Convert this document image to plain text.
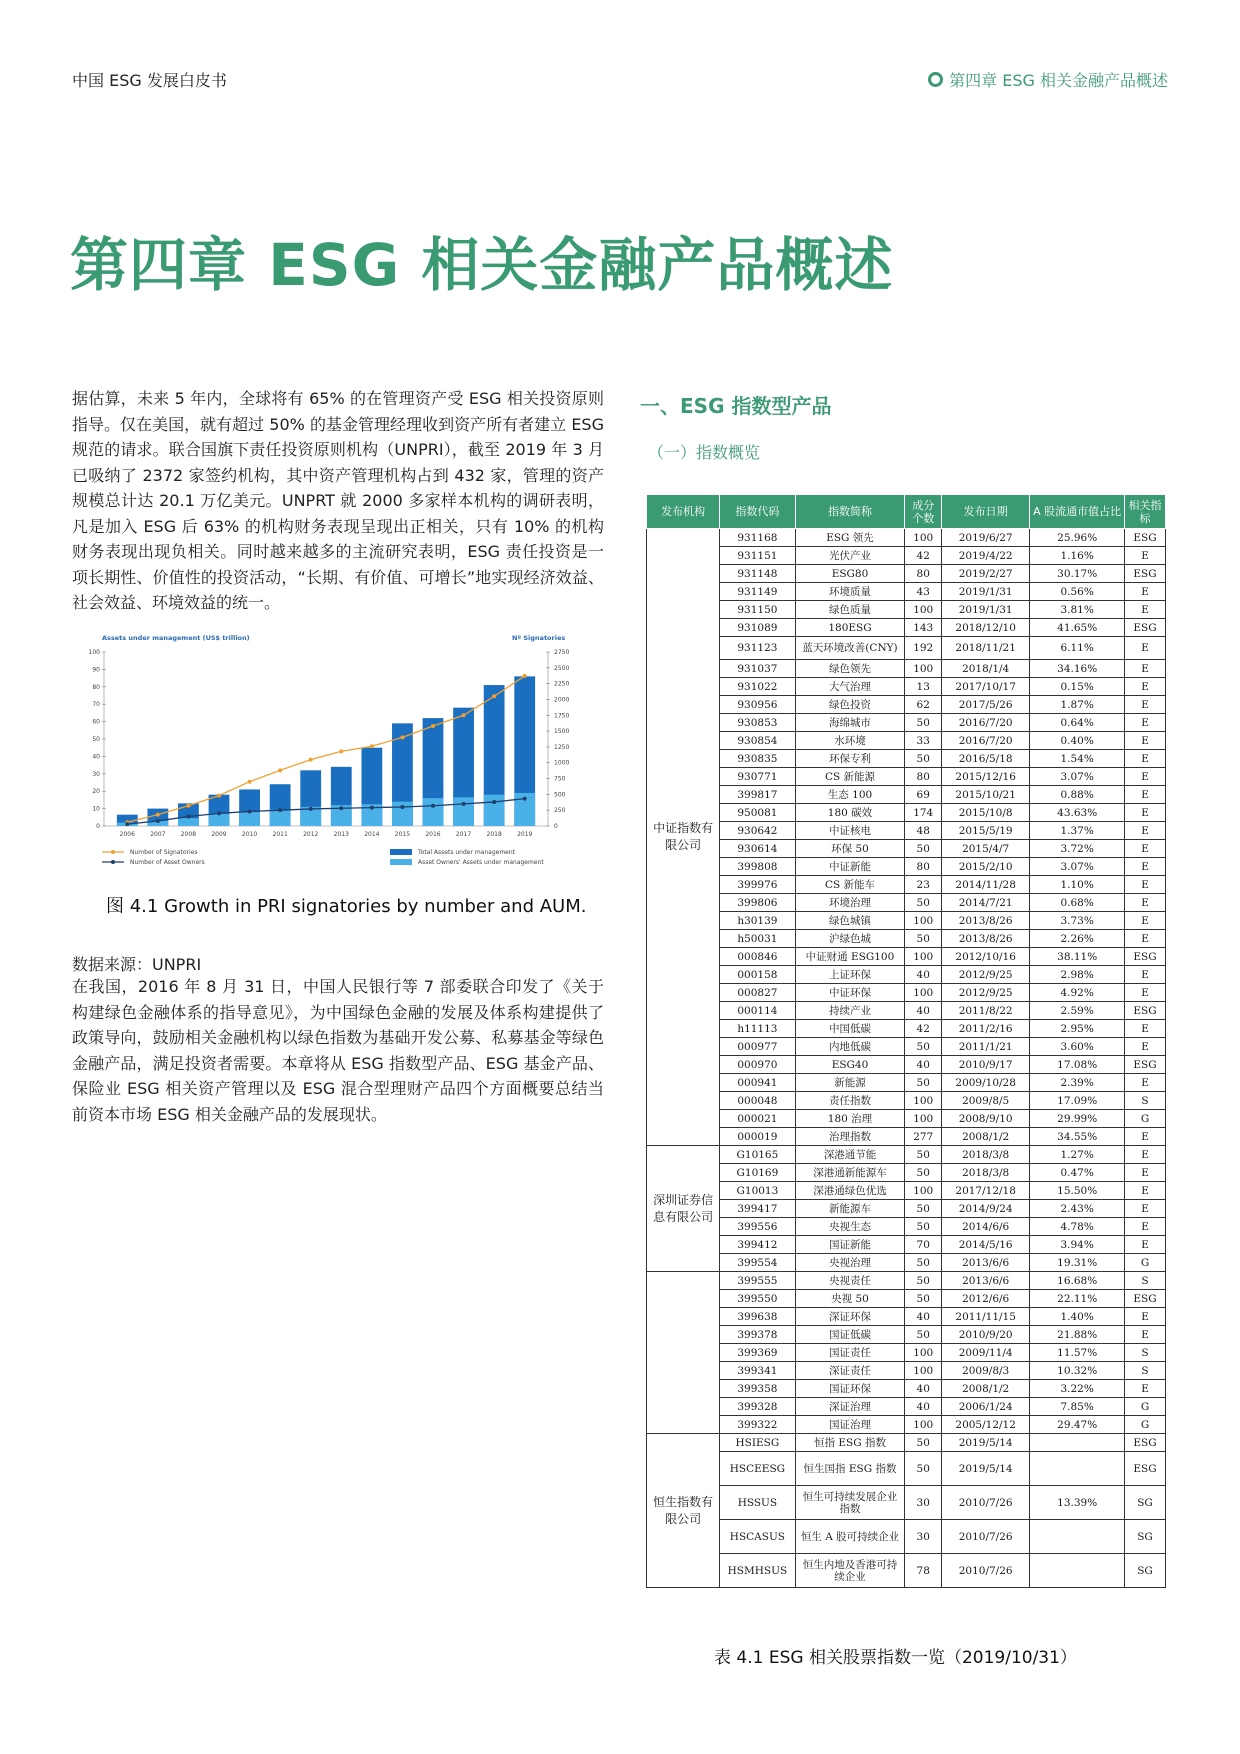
中国 ESG 发展白皮书	第四章 ESG 相关金融产品概述
第四章 ESG 相关金融产品概述

据估算，未来 5 年内，全球将有 65% 的在管理资产受 ESG 相关投资原则指导。仅在美国，就有超过 50% 的基金管理经理收到资产所有者建立 ESG 规范的请求。联合国旗下责任投资原则机构（UNPRI），截至 2019 年 3 月已吸纳了 2372 家签约机构，其中资产管理机构占到 432 家，管理的资产规模总计达 20.1 万亿美元。UNPRT 就 2000 多家样本机构的调研表明，凡是加入 ESG 后 63% 的机构财务表现呈现出正相关，只有 10% 的机构财务表现出现负相关。同时越来越多的主流研究表明，ESG 责任投资是一项长期性、价值性的投资活动，“长期、有价值、可增长”地实现经济效益、社会效益、环境效益的统一。

Assets under management (US$ trillion)	Nº Signatories
0
10
20
30
40
50
60
70
80
90
100
0
250
500
750
1000
1250
1500
1750
2000
2250
2500
2750
2006	2007	2008	2009	2010	2011	2012	2013	2014	2015	2016	2017	2018	2019
Number of Signatories
Number of Asset Owners
Total Assets under management
Asset Owners' Assets under management
图 4.1 Growth in PRI signatories by number and AUM.
数据来源：UNPRI

在我国，2016 年 8 月 31 日，中国人民银行等 7 部委联合印发了《关于构建绿色金融体系的指导意见》，为中国绿色金融的发展及体系构建提供了政策导向，鼓励相关金融机构以绿色指数为基础开发公募、私募基金等绿色金融产品，满足投资者需要。本章将从 ESG 指数型产品、ESG 基金产品、保险业 ESG 相关资产管理以及 ESG 混合型理财产品四个方面概要总结当前资本市场 ESG 相关金融产品的发展现状。

一、ESG 指数型产品
（一）指数概览
发布机构	指数代码	指数简称	成分个数	发布日期	A 股流通市值占比	相关指标
中证指数有限公司	931168	ESG 领先	100	2019/6/27	25.96%	ESG
	931151	光伏产业	42	2019/4/22	1.16%	E
	931148	ESG80	80	2019/2/27	30.17%	ESG
	931149	环境质量	43	2019/1/31	0.56%	E
	931150	绿色质量	100	2019/1/31	3.81%	E
	931089	180ESG	143	2018/12/10	41.65%	ESG
	931123	蓝天环境改善(CNY)	192	2018/11/21	6.11%	E
	931037	绿色领先	100	2018/1/4	34.16%	E
	931022	大气治理	13	2017/10/17	0.15%	E
	930956	绿色投资	62	2017/5/26	1.87%	E
	930853	海绵城市	50	2016/7/20	0.64%	E
	930854	水环境	33	2016/7/20	0.40%	E
	930835	环保专利	50	2016/5/18	1.54%	E
	930771	CS 新能源	80	2015/12/16	3.07%	E
	399817	生态 100	69	2015/10/21	0.88%	E
	950081	180 碳效	174	2015/10/8	43.63%	E
	930642	中证核电	48	2015/5/19	1.37%	E
	930614	环保 50	50	2015/4/7	3.72%	E
	399808	中证新能	80	2015/2/10	3.07%	E
	399976	CS 新能车	23	2014/11/28	1.10%	E
	399806	环境治理	50	2014/7/21	0.68%	E
	h30139	绿色城镇	100	2013/8/26	3.73%	E
	h50031	沪绿色城	50	2013/8/26	2.26%	E
	000846	中证财通 ESG100	100	2012/10/16	38.11%	ESG
	000158	上证环保	40	2012/9/25	2.98%	E
	000827	中证环保	100	2012/9/25	4.92%	E
	000114	持续产业	40	2011/8/22	2.59%	ESG
	h11113	中国低碳	42	2011/2/16	2.95%	E
	000977	内地低碳	50	2011/1/21	3.60%	E
	000970	ESG40	40	2010/9/17	17.08%	ESG
	000941	新能源	50	2009/10/28	2.39%	E
	000048	责任指数	100	2009/8/5	17.09%	S
	000021	180 治理	100	2008/9/10	29.99%	G
	000019	治理指数	277	2008/1/2	34.55%	E
深圳证券信息有限公司	G10165	深港通节能	50	2018/3/8	1.27%	E
	G10169	深港通新能源车	50	2018/3/8	0.47%	E
	G10013	深港通绿色优选	100	2017/12/18	15.50%	E
	399417	新能源车	50	2014/9/24	2.43%	E
	399556	央视生态	50	2014/6/6	4.78%	E
	399412	国证新能	70	2014/5/16	3.94%	E
	399554	央视治理	50	2013/6/6	19.31%	G
	399555	央视责任	50	2013/6/6	16.68%	S
	399550	央视 50	50	2012/6/6	22.11%	ESG
	399638	深证环保	40	2011/11/15	1.40%	E
	399378	国证低碳	50	2010/9/20	21.88%	E
	399369	国证责任	100	2009/11/4	11.57%	S
	399341	深证责任	100	2009/8/3	10.32%	S
	399358	国证环保	40	2008/1/2	3.22%	E
	399328	深证治理	40	2006/1/24	7.85%	G
	399322	国证治理	100	2005/12/12	29.47%	G
恒生指数有限公司	HSIESG	恒指 ESG 指数	50	2019/5/14		ESG
	HSCEESG	恒生国指 ESG 指数	50	2019/5/14		ESG
	HSSUS	恒生可持续发展企业指数	30	2010/7/26	13.39%	SG
	HSCASUS	恒生 A 股可持续企业	30	2010/7/26		SG
	HSMHSUS	恒生内地及香港可持续企业	78	2010/7/26		SG
表 4.1 ESG 相关股票指数一览（2019/10/31）
